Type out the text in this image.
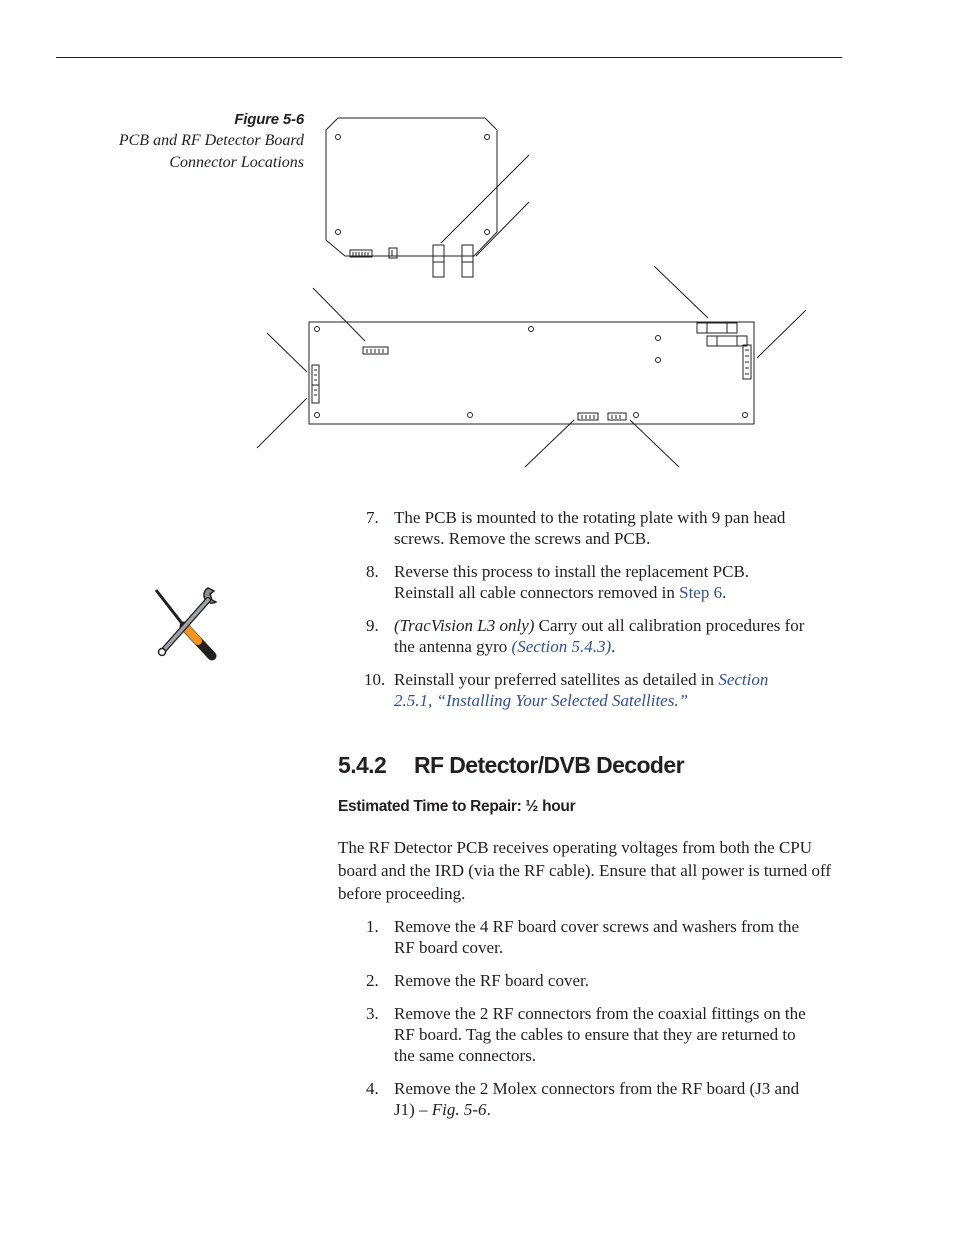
Figure 5-6
PCB and RF Detector Board
Connector Locations
7. The PCB is mounted to the rotating plate with 9 pan head screws. Remove the screws and PCB.
8. Reverse this process to install the replacement PCB. Reinstall all cable connectors removed in Step 6.
9. (TracVision L3 only) Carry out all calibration procedures for the antenna gyro (Section 5.4.3).
10. Reinstall your preferred satellites as detailed in Section 2.5.1, “Installing Your Selected Satellites.”
5.4.2 RF Detector/DVB Decoder
Estimated Time to Repair: ½ hour

The RF Detector PCB receives operating voltages from both the CPU board and the IRD (via the RF cable). Ensure that all power is turned off before proceeding.

1. Remove the 4 RF board cover screws and washers from the RF board cover.
2. Remove the RF board cover.
3. Remove the 2 RF connectors from the coaxial fittings on the RF board. Tag the cables to ensure that they are returned to the same connectors.
4. Remove the 2 Molex connectors from the RF board (J3 and J1) – Fig. 5-6.
